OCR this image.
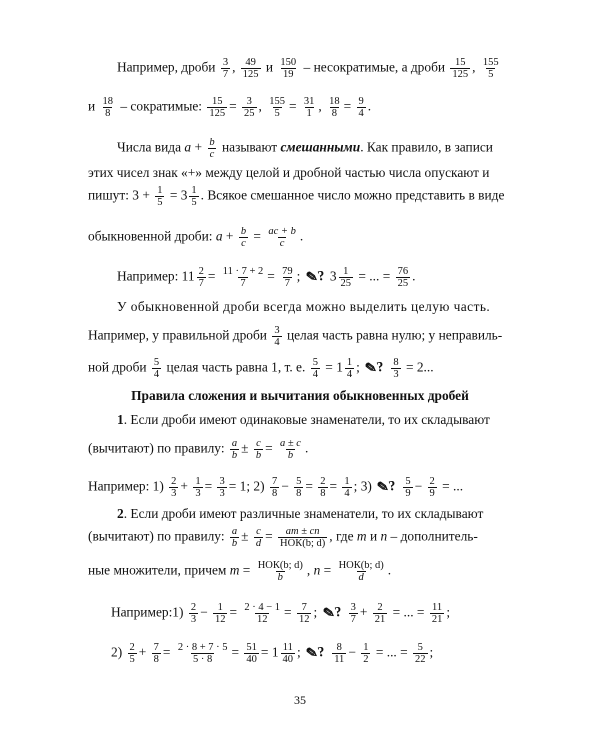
Например, дроби $\frac{3}{7}$ , $\frac{49}{125}$ и $\frac{150}{19}$ – несократимые, а дроби $\frac{15}{125}$ , $\frac{155}{5}$
и $\frac{18}{8}$ – сократимые: $\frac{15}{125} = \frac{3}{25}$ , $\frac{155}{5} = \frac{31}{1}$ , $\frac{18}{8} = \frac{9}{4}$ .
Числа вида $a + \frac{b}{c}$ называют смешанными. Как правило, в записи
этих чисел знак «+» между целой и дробной частью числа опускают и
пишут: $3 + \frac{1}{5} = 3 \frac{1}{5}$ . Всякое смешанное число можно представить в виде
обыкновенной дроби: $a + \frac{b}{c} = \frac{ac + b}{c}$ .
Например: $11 \frac{2}{7} = \frac{11 \cdot 7 + 2}{7} = \frac{79}{7}$ ; ✎? $3 \frac{1}{25}$ = ... = $\frac{76}{25}$ .
У обыкновенной дроби всегда можно выделить целую часть.
Например, у правильной дроби $\frac{3}{4}$ целая часть равна нулю; у неправиль-
ной дроби $\frac{5}{4}$ целая часть равна 1, т. е. $\frac{5}{4} = 1 \frac{1}{4}$ ; ✎? $\frac{8}{3} = 2$...
Правила сложения и вычитания обыкновенных дробей
1. Если дроби имеют одинаковые знаменатели, то их складывают
(вычитают) по правилу: $\frac{a}{b} \pm \frac{c}{b} = \frac{a \pm c}{b}$ .
Например: $1) \frac{2}{3} + \frac{1}{3} = \frac{3}{3} = 1$; $2) \frac{7}{8} - \frac{5}{8} = \frac{2}{8} = \frac{1}{4}$ ; 3) ✎? $\frac{5}{9} - \frac{2}{9}$ = ...
2. Если дроби имеют различные знаменатели, то их складывают
(вычитают) по правилу: $\frac{a}{b} \pm \frac{c}{d}$ = am ± cn
НОК(b; d) , где m и n – дополнитель-
ные множители, причем m = НОК(b; d)
b , n = НОК(b; d)
d .
Например:1) $\frac{2}{3} - \frac{1}{12} = \frac{2 \cdot 4 - 1}{12} = \frac{7}{12}$ ; ✎? $\frac{3}{7} + \frac{2}{21}$ = ... = $\frac{11}{21}$ ;
$2) \frac{2}{5} + \frac{7}{8} = \frac{2 \cdot 8 + 7 \cdot 5}{5 \cdot 8} = \frac{51}{40} = 1 \frac{11}{40}$ ; ✎? $\frac{8}{11} - \frac{1}{2}$ = ... = $\frac{5}{22}$ ;
35
